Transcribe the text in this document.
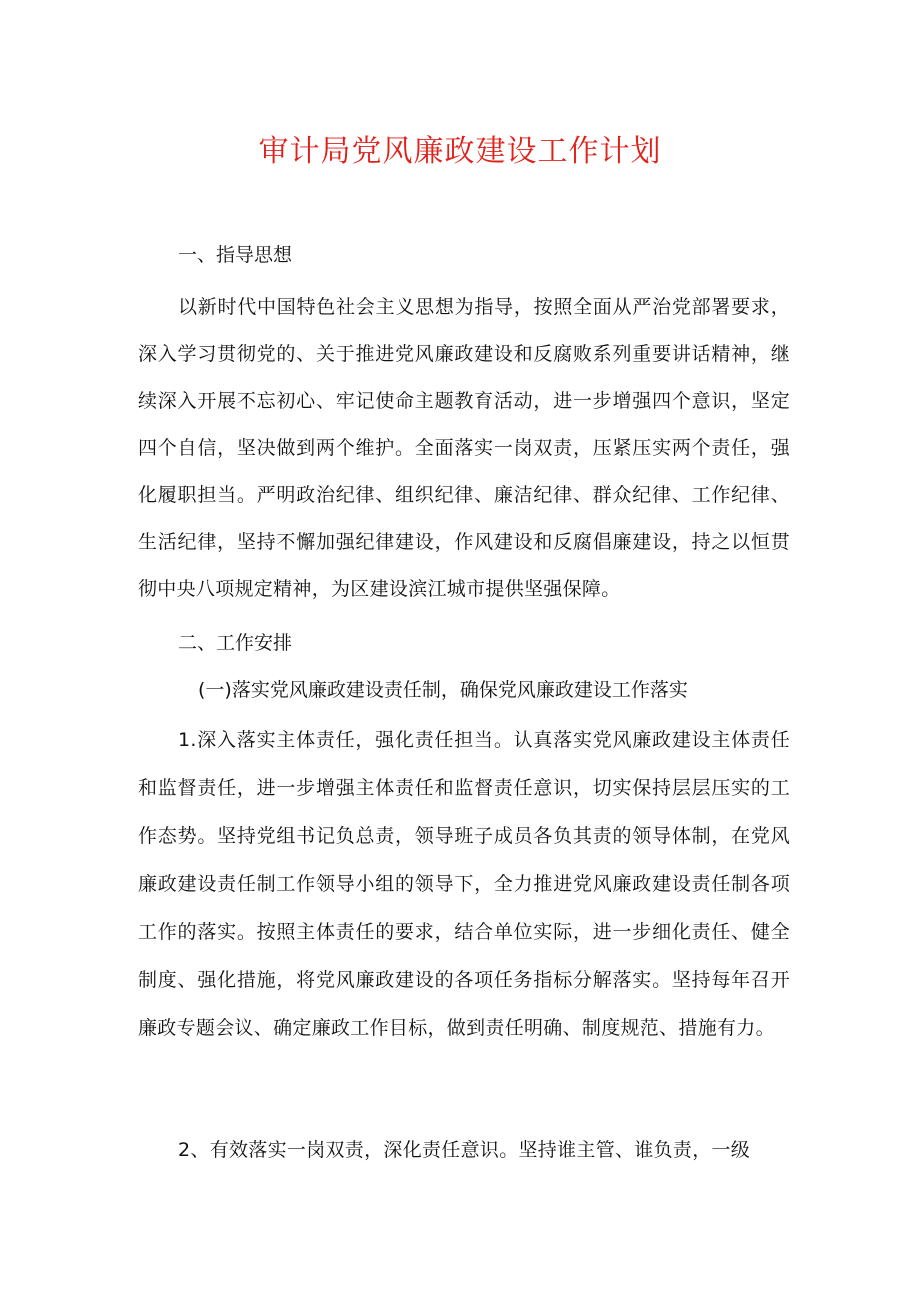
审计局党风廉政建设工作计划

一、指导思想

以新时代中国特色社会主义思想为指导，按照全面从严治党部署要求，深入学习贯彻党的、关于推进党风廉政建设和反腐败系列重要讲话精神，继续深入开展不忘初心、牢记使命主题教育活动，进一步增强四个意识，坚定四个自信，坚决做到两个维护。全面落实一岗双责，压紧压实两个责任，强化履职担当。严明政治纪律、组织纪律、廉洁纪律、群众纪律、工作纪律、生活纪律，坚持不懈加强纪律建设，作风建设和反腐倡廉建设，持之以恒贯彻中央八项规定精神，为区建设滨江城市提供坚强保障。

二、工作安排

(一)落实党风廉政建设责任制，确保党风廉政建设工作落实

1.深入落实主体责任，强化责任担当。认真落实党风廉政建设主体责任和监督责任，进一步增强主体责任和监督责任意识，切实保持层层压实的工作态势。坚持党组书记负总责，领导班子成员各负其责的领导体制，在党风廉政建设责任制工作领导小组的领导下，全力推进党风廉政建设责任制各项工作的落实。按照主体责任的要求，结合单位实际，进一步细化责任、健全制度、强化措施，将党风廉政建设的各项任务指标分解落实。坚持每年召开廉政专题会议、确定廉政工作目标，做到责任明确、制度规范、措施有力。

2、有效落实一岗双责，深化责任意识。坚持谁主管、谁负责，一级
